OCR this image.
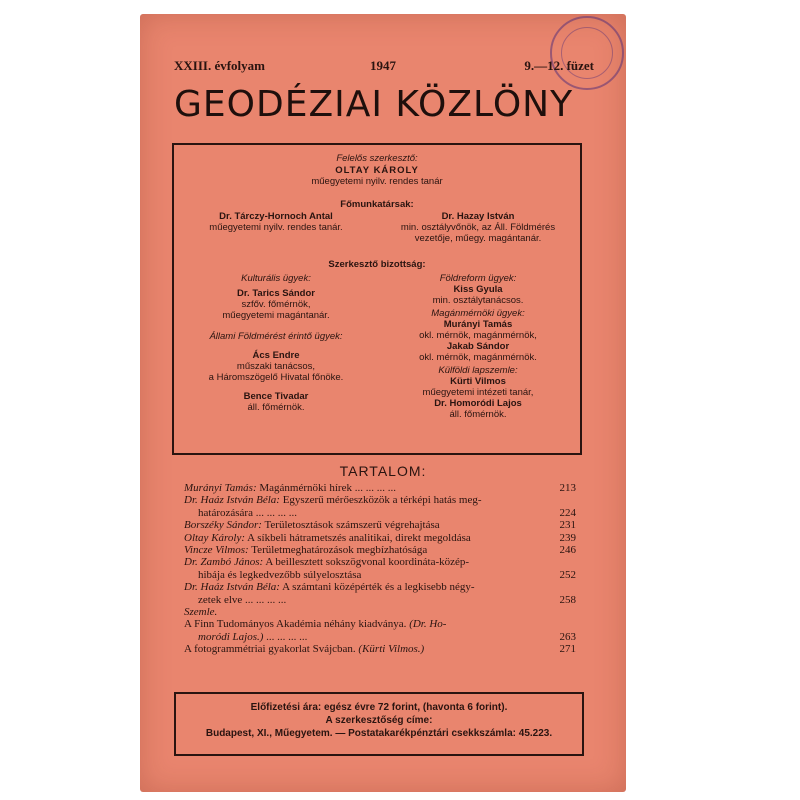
XXIII. évfolyam	1947	9.—12. füzet
GEODÉZIAI KÖZLÖNY
Felelős szerkesztő:
OLTAY KÁROLY
műegyetemi nyilv. rendes tanár
Főmunkatársak:
Dr. Tárczy-Hornoch Antal
műegyetemi nyilv. rendes tanár.
Dr. Hazay István
min. osztályvőnök, az Áll. Földmérés
vezetője, műegy. magántanár.
Szerkesztő bizottság:
Kulturális ügyek:
Dr. Tarics Sándor
szfőv. főmérnök,
műegyetemi magántanár.
Állami Földmérést érintő ügyek:
Ács Endre
műszaki tanácsos,
a Háromszögelő Hivatal főnöke.
Bence Tivadar
áll. főmérnök.
Földreform ügyek:
Kiss Gyula
min. osztálytanácsos.
Magánmérnöki ügyek:
Murányi Tamás
okl. mérnök, magánmérnök,
Jakab Sándor
okl. mérnök, magánmérnök.
Külföldi lapszemle:
Kürti Vilmos
műegyetemi intézeti tanár,
Dr. Homoródi Lajos
áll. főmérnök.
TARTALOM:
Murányi Tamás: Magánmérnöki hírek ... ... ... ...	213
Dr. Haáz István Béla: Egyszerű mérőeszközök a térképi hatás meg-
határozására ... ... ... ...	224
Borszéky Sándor: Területosztások számszerű végrehajtása	231
Oltay Károly: A síkbeli hátrametszés analitikai, direkt megoldása	239
Vincze Vilmos: Területmeghatározások megbízhatósága	246
Dr. Zambó János: A beillesztett sokszögvonal koordináta-közép-
hibája és legkedvezőbb súlyelosztása	252
Dr. Haáz István Béla: A számtani középérték és a legkisebb négy-
zetek elve ... ... ... ...	258
Szemle.
A Finn Tudományos Akadémia néhány kiadványa. (Dr. Ho-
moródi Lajos.) ... ... ... ...	263
A fotogrammétriai gyakorlat Svájcban. (Kürti Vilmos.)	271
Előfizetési ára: egész évre 72 forint, (havonta 6 forint).
A szerkesztőség címe:
Budapest, XI., Műegyetem. — Postatakarékpénztári csekkszámla: 45.223.
